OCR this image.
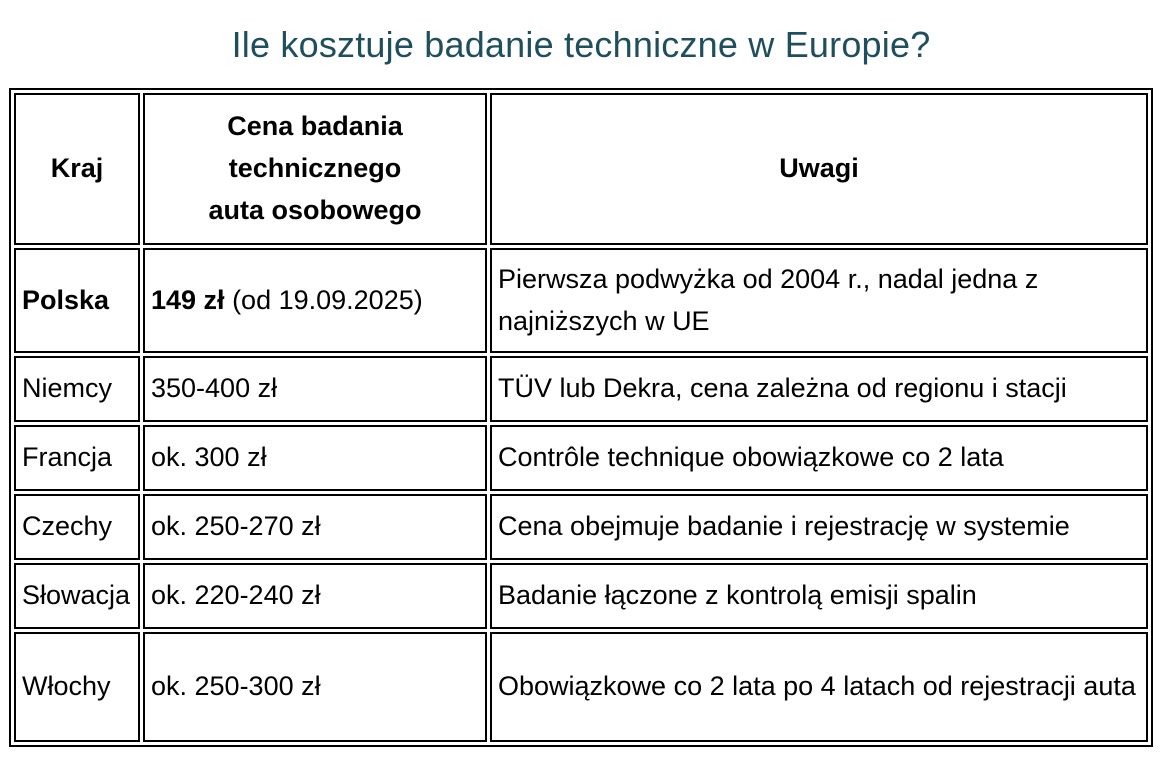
Ile kosztuje badanie techniczne w Europie?
Kraj	Cena badania
technicznego
auta osobowego	Uwagi
Polska	149 zł (od 19.09.2025)	Pierwsza podwyżka od 2004 r., nadal jedna z najniższych w UE
Niemcy	350-400 zł	TÜV lub Dekra, cena zależna od regionu i stacji
Francja	ok. 300 zł	Contrôle technique obowiązkowe co 2 lata
Czechy	ok. 250-270 zł	Cena obejmuje badanie i rejestrację w systemie
Słowacja	ok. 220-240 zł	Badanie łączone z kontrolą emisji spalin
Włochy	ok. 250-300 zł	Obowiązkowe co 2 lata po 4 latach od rejestracji auta
